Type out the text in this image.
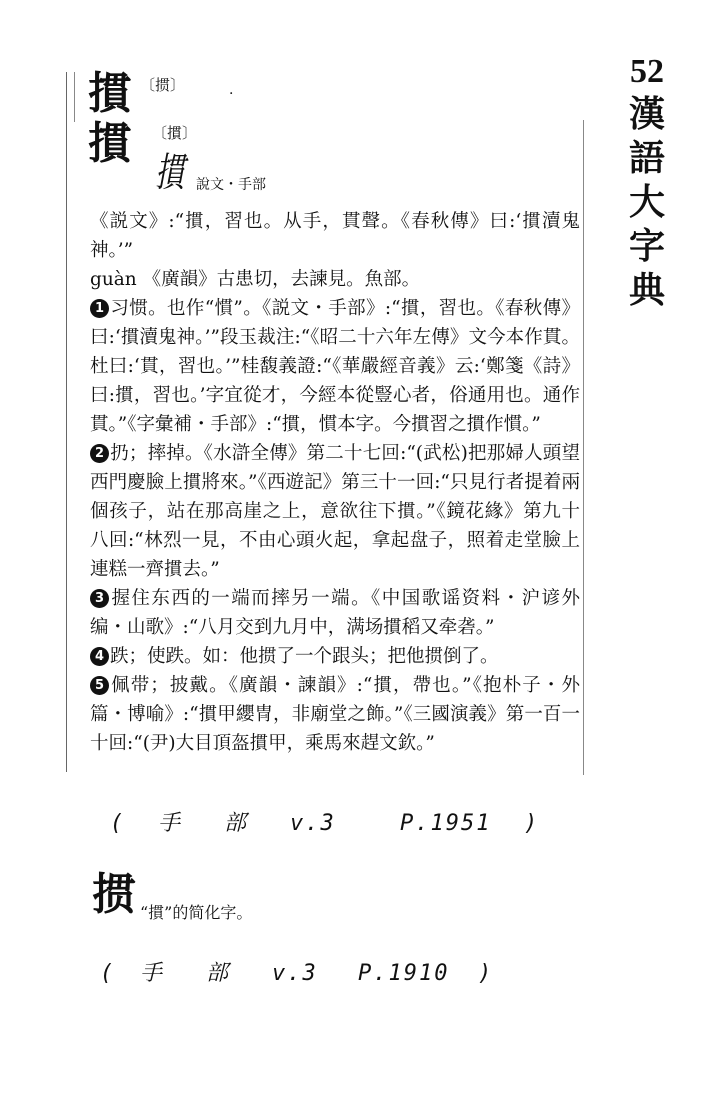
52
漢
語
大
字
典
摜 〔掼〕	·
摜 〔摜〕
摜 說文・手部

《説文》:“摜，習也。从手，貫聲。《春秋傳》曰:‘摜瀆鬼神。’”

guàn 《廣韻》古患切，去諫見。魚部。

1 习惯。也作“慣”。《説文・手部》:“摜，習也。《春秋傳》曰:‘摜瀆鬼神。’”段玉裁注:“《昭二十六年左傳》文今本作貫。杜曰:‘貫，習也。’”桂馥義證:“《華嚴經音義》云:‘鄭箋《詩》曰:摜，習也。’字宜從才，今經本從豎心者，俗通用也。通作貫。”《字彙補・手部》:“摜，慣本字。今摜習之摜作慣。”

2 扔；摔掉。《水滸全傳》第二十七回:“(武松)把那婦人頭望西門慶臉上摜將來。”《西遊記》第三十一回:“只見行者提着兩個孩子，站在那高崖之上，意欲往下摜。”《鏡花緣》第九十八回:“林烈一見，不由心頭火起，拿起盘子，照着走堂臉上連糕一齊摜去。”

3 握住东西的一端而摔另一端。《中国歌谣资料・沪谚外编・山歌》:“八月交到九月中，满场摜稻又牵砻。”

4 跌；使跌。如：他掼了一个跟头；把他掼倒了。

5 佩带；披戴。《廣韻・諫韻》:“摜，帶也。”《抱朴子・外篇・博喻》:“摜甲纓冑，非廟堂之飾。”《三國演義》第一百一十回:“(尹)大目頂盔摜甲，乘馬來趕文欽。”

( 手 部 v.3	P.1951 )
掼 “摜”的简化字。
( 手 部 v.3 P.1910 )
